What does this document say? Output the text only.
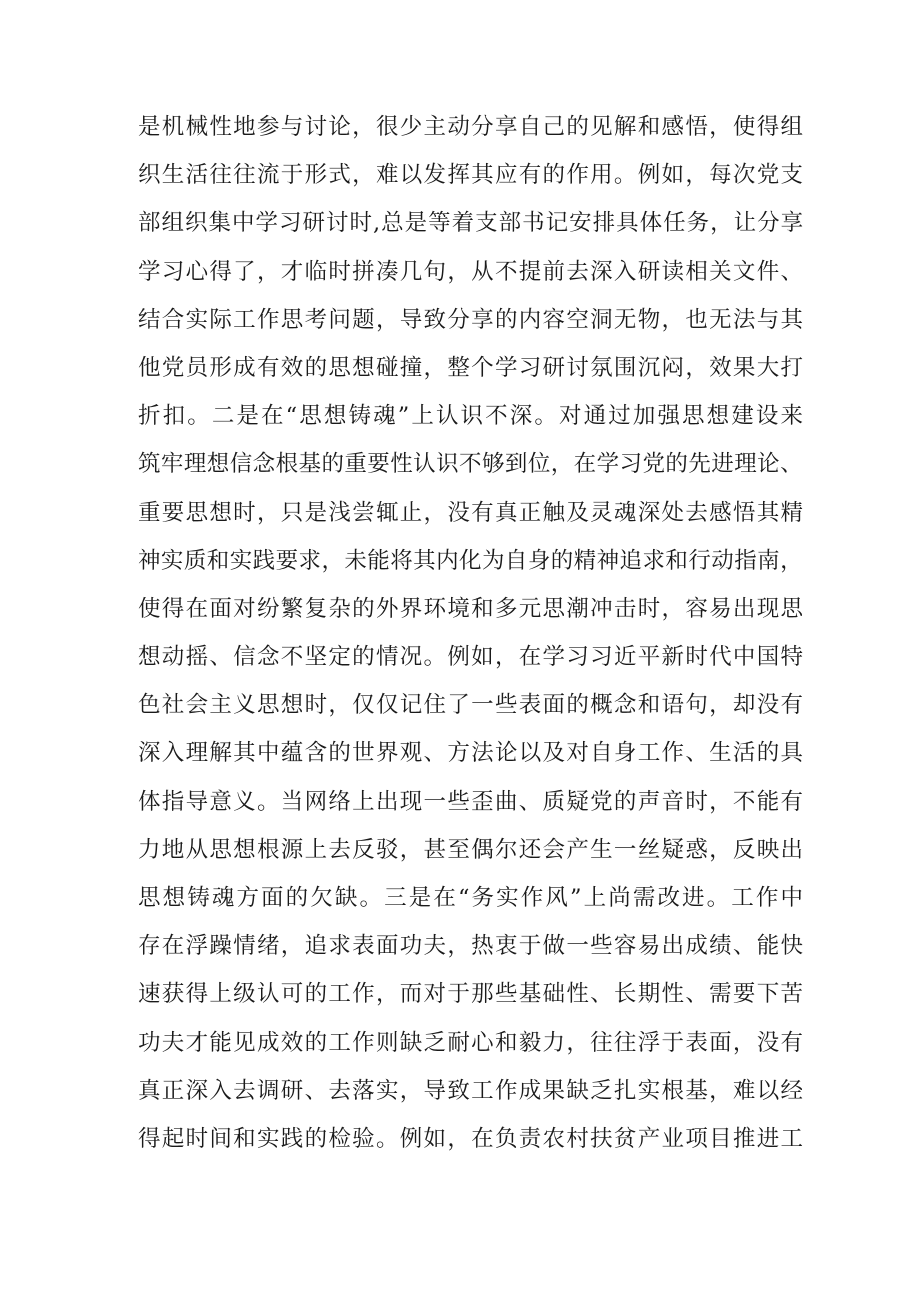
是机械性地参与讨论，很少主动分享自己的见解和感悟，使得组
织生活往往流于形式，难以发挥其应有的作用。例如，每次党支
部组织集中学习研讨时,总是等着支部书记安排具体任务，让分享
学习心得了，才临时拼凑几句，从不提前去深入研读相关文件、
结合实际工作思考问题，导致分享的内容空洞无物，也无法与其
他党员形成有效的思想碰撞，整个学习研讨氛围沉闷，效果大打
折扣。二是在“思想铸魂”上认识不深。对通过加强思想建设来
筑牢理想信念根基的重要性认识不够到位，在学习党的先进理论、
重要思想时，只是浅尝辄止，没有真正触及灵魂深处去感悟其精
神实质和实践要求，未能将其内化为自身的精神追求和行动指南，
使得在面对纷繁复杂的外界环境和多元思潮冲击时，容易出现思
想动摇、信念不坚定的情况。例如，在学习习近平新时代中国特
色社会主义思想时，仅仅记住了一些表面的概念和语句，却没有
深入理解其中蕴含的世界观、方法论以及对自身工作、生活的具
体指导意义。当网络上出现一些歪曲、质疑党的声音时，不能有
力地从思想根源上去反驳，甚至偶尔还会产生一丝疑惑，反映出
思想铸魂方面的欠缺。三是在“务实作风”上尚需改进。工作中
存在浮躁情绪，追求表面功夫，热衷于做一些容易出成绩、能快
速获得上级认可的工作，而对于那些基础性、长期性、需要下苦
功夫才能见成效的工作则缺乏耐心和毅力，往往浮于表面，没有
真正深入去调研、去落实，导致工作成果缺乏扎实根基，难以经
得起时间和实践的检验。例如，在负责农村扶贫产业项目推进工
